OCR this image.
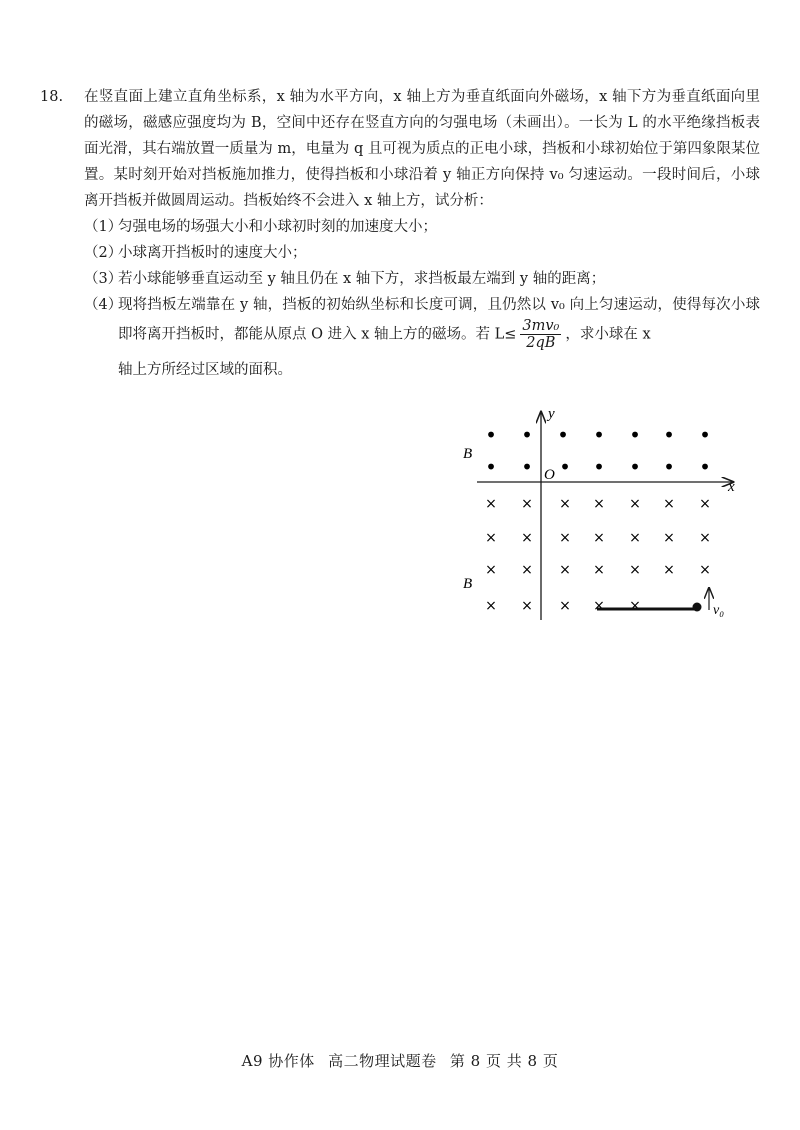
18. 在竖直面上建立直角坐标系，x 轴为水平方向，x 轴上方为垂直纸面向外磁场，x 轴下方为垂直纸面向里的磁场，磁感应强度均为 B，空间中还存在竖直方向的匀强电场（未画出）。一长为 L 的水平绝缘挡板表面光滑，其右端放置一质量为 m，电量为 q 且可视为质点的正电小球，挡板和小球初始位于第四象限某位置。某时刻开始对挡板施加推力，使得挡板和小球沿着 y 轴正方向保持 v₀ 匀速运动。一段时间后，小球离开挡板并做圆周运动。挡板始终不会进入 x 轴上方，试分析：
（1）
匀强电场的场强大小和小球初时刻的加速度大小；
（2）
小球离开挡板时的速度大小；
（3）
若小球能够垂直运动至 y 轴且仍在 x 轴下方，求挡板最左端到 y 轴的距离；
（4）
现将挡板左端靠在 y 轴，挡板的初始纵坐标和长度可调，且仍然以 v₀ 向上匀速运动，使得每次小球即将离开挡板时，都能从原点 O 进入 x 轴上方的磁场。若 $L\le \frac{\text{3mv₀}}{2qB}$ ，求小球在 x
轴上方所经过区域的面积。
y
x
O
B
B
• • • • • • •
• • • • • • •
× × × × × × ×
× × × × × × ×
× × × × × × ×
× × × × ×	v₀
A9 协作体 高二物理试题卷 第 8 页 共 8 页
